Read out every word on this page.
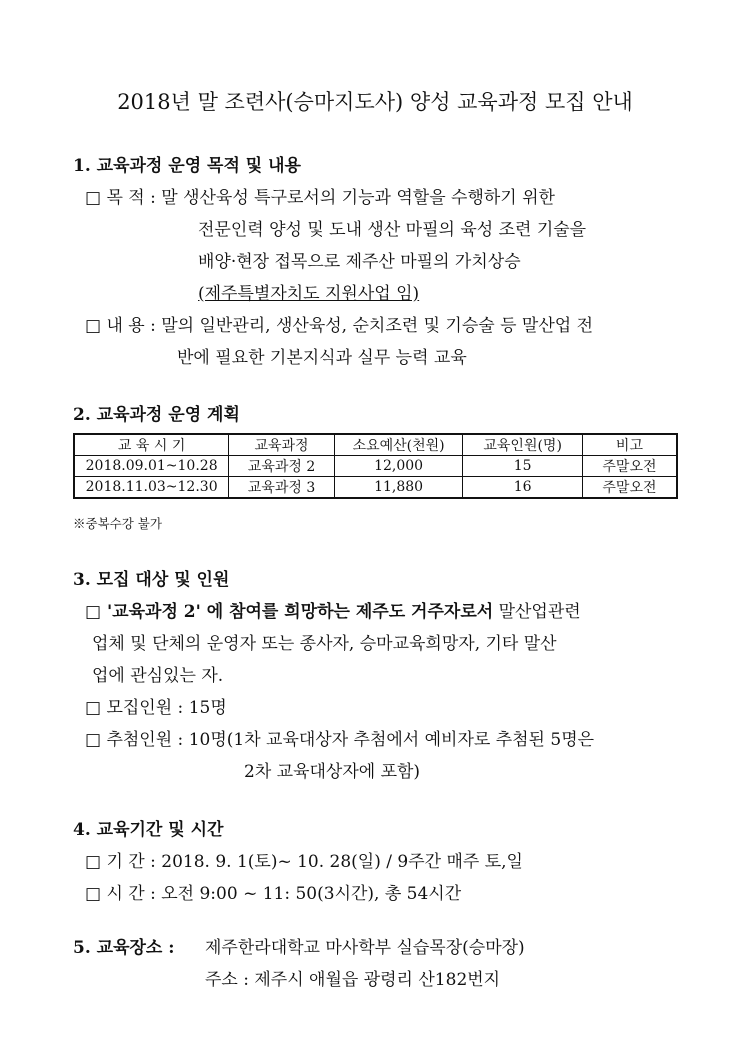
2018년 말 조련사(승마지도사) 양성 교육과정 모집 안내
1. 교육과정 운영 목적 및 내용
□ 목 적 : 말 생산육성 특구로서의 기능과 역할을 수행하기 위한
전문인력 양성 및 도내 생산 마필의 육성 조련 기술을
배양·현장 접목으로 제주산 마필의 가치상승
(제주특별자치도 지원사업 임)
□ 내 용 : 말의 일반관리, 생산육성, 순치조련 및 기승술 등 말산업 전
반에 필요한 기본지식과 실무 능력 교육
2. 교육과정 운영 계획
교 육 시 기	교육과정	소요예산(천원)	교육인원(명)	비고
2018.09.01~10.28	교육과정 2	12,000	15	주말오전
2018.11.03~12.30	교육과정 3	11,880	16	주말오전
※중복수강 불가
3. 모집 대상 및 인원
□ '교육과정 2' 에 참여를 희망하는 제주도 거주자로서 말산업관련
업체 및 단체의 운영자 또는 종사자, 승마교육희망자, 기타 말산
업에 관심있는 자.
□ 모집인원 : 15명
□ 추첨인원 : 10명(1차 교육대상자 추첨에서 예비자로 추첨된 5명은
2차 교육대상자에 포함)
4. 교육기간 및 시간
□ 기 간 : 2018. 9. 1(토)~ 10. 28(일) / 9주간 매주 토,일
□ 시 간 : 오전 9:00 ~ 11: 50(3시간), 총 54시간
5. 교육장소 : 제주한라대학교 마사학부 실습목장(승마장)
주소 : 제주시 애월읍 광령리 산182번지
